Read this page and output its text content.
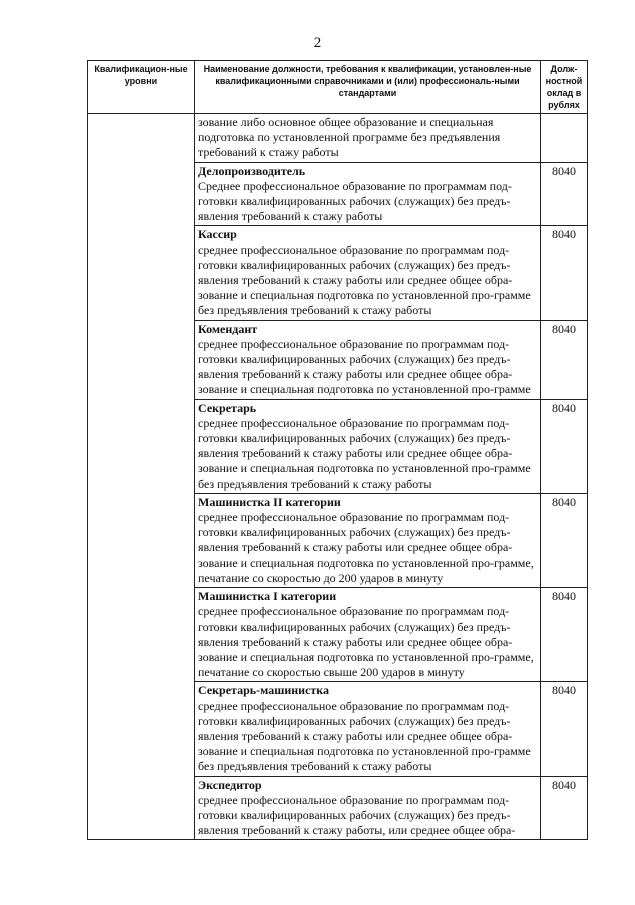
2
Квалификацион-ные уровни	Наименование должности, требования к квалификации, установлен-ные квалификационными справочниками и (или) профессиональ-ными стандартами	Долж-ностной оклад в рублях

	зование либо основное общее образование и специальная подготовка по установленной программе без предъявления требований к стажу работы	

	Делопроизводитель
Среднее профессиональное образование по программам под-готовки квалифицированных рабочих (служащих) без предъ-явления требований к стажу работы	8040

	Кассир
среднее профессиональное образование по программам под-готовки квалифицированных рабочих (служащих) без предъ-явления требований к стажу работы или среднее общее обра-зование и специальная подготовка по установленной про-грамме без предъявления требований к стажу работы	8040

	Комендант
среднее профессиональное образование по программам под-готовки квалифицированных рабочих (служащих) без предъ-явления требований к стажу работы или среднее общее обра-зование и специальная подготовка по установленной про-грамме	8040

	Секретарь
среднее профессиональное образование по программам под-готовки квалифицированных рабочих (служащих) без предъ-явления требований к стажу работы или среднее общее обра-зование и специальная подготовка по установленной про-грамме без предъявления требований к стажу работы	8040

	Машинистка II категории
среднее профессиональное образование по программам под-готовки квалифицированных рабочих (служащих) без предъ-явления требований к стажу работы или среднее общее обра-зование и специальная подготовка по установленной про-грамме, печатание со скоростью до 200 ударов в минуту	8040

	Машинистка I категории
среднее профессиональное образование по программам под-готовки квалифицированных рабочих (служащих) без предъ-явления требований к стажу работы или среднее общее обра-зование и специальная подготовка по установленной про-грамме, печатание со скоростью свыше 200 ударов в минуту	8040

	Секретарь-машинистка
среднее профессиональное образование по программам под-готовки квалифицированных рабочих (служащих) без предъ-явления требований к стажу работы или среднее общее обра-зование и специальная подготовка по установленной про-грамме без предъявления требований к стажу работы	8040

	Экспедитор
среднее профессиональное образование по программам под-готовки квалифицированных рабочих (служащих) без предъ-явления требований к стажу работы, или среднее общее обра-	8040
